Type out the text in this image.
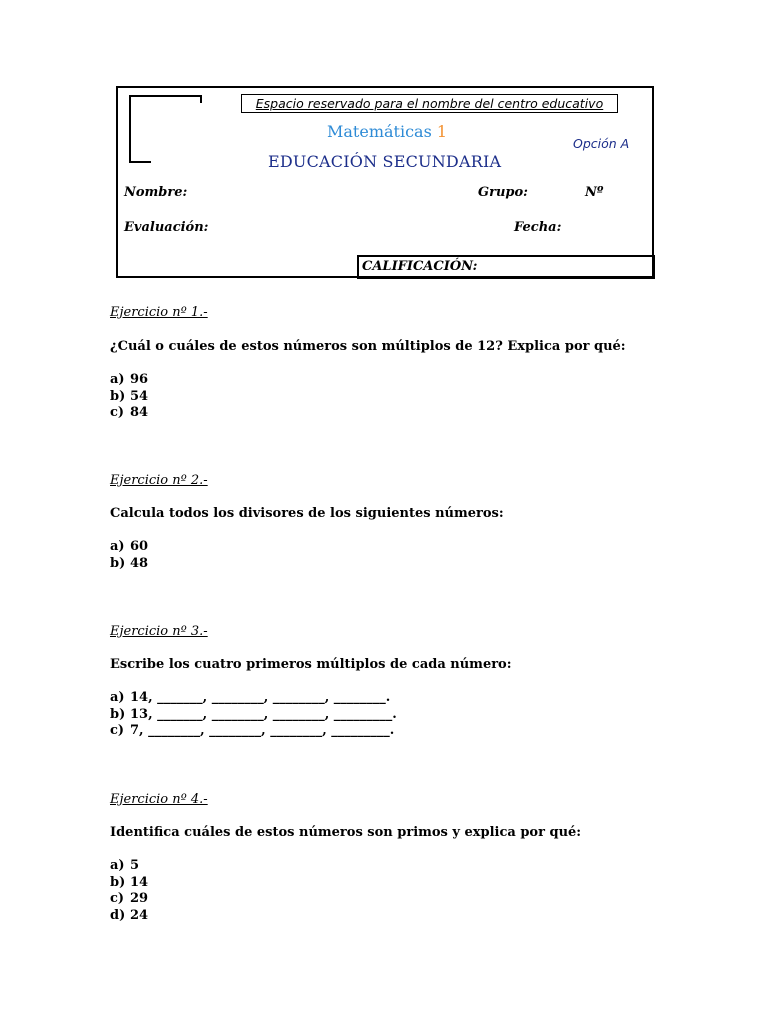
Espacio reservado para el nombre del centro educativo
Matemáticas 1
EDUCACIÓN SECUNDARIA
Opción A
Nombre:	Grupo:	Nº
Evaluación:	Fecha:
CALIFICACIÓN:
Ejercicio nº 1.-
¿Cuál o cuáles de estos números son múltiplos de 12? Explica por qué:
a) 96
b) 54
c) 84
Ejercicio nº 2.-
Calcula todos los divisores de los siguientes números:
a) 60
b) 48
Ejercicio nº 3.-
Escribe los cuatro primeros múltiplos de cada número:
a) 14, _______, ________, ________, ________.
b) 13, _______, ________, ________, _________.
c) 7, ________, ________, ________, _________.
Ejercicio nº 4.-
Identifica cuáles de estos números son primos y explica por qué:
a) 5
b) 14
c) 29
d) 24
